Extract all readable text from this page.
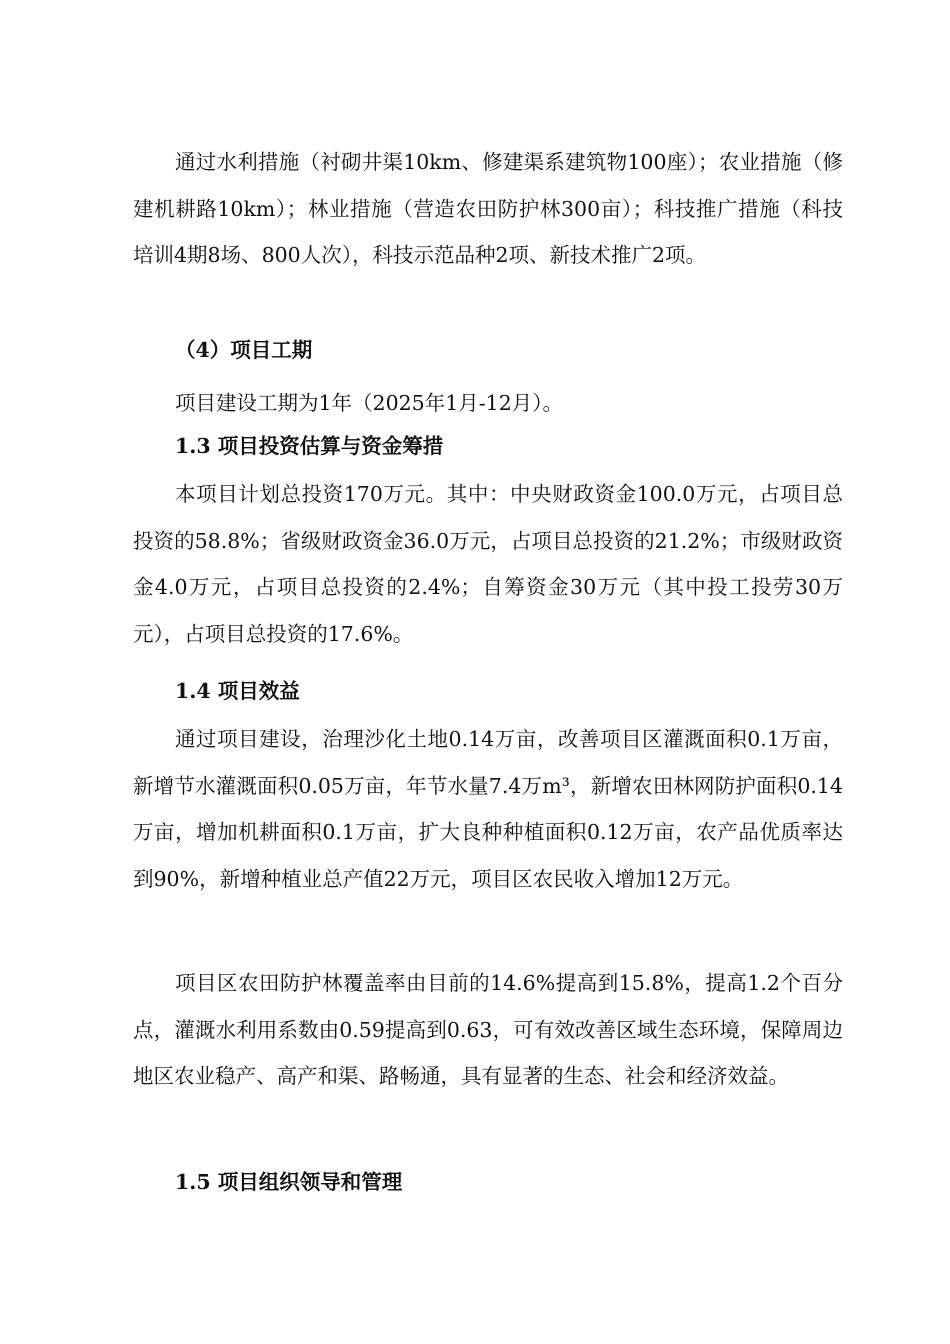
通过水利措施（衬砌井渠10km、修建渠系建筑物100座）；农业措施（修建机耕路10km）；林业措施（营造农田防护林300亩）；科技推广措施（科技培训4期8场、800人次），科技示范品种2项、新技术推广2项。

（4）项目工期

项目建设工期为1年（2025年1月-12月）。

1.3 项目投资估算与资金筹措

本项目计划总投资170万元。其中：中央财政资金100.0万元，占项目总投资的58.8%；省级财政资金36.0万元，占项目总投资的21.2%；市级财政资金4.0万元，占项目总投资的2.4%；自筹资金30万元（其中投工投劳30万元），占项目总投资的17.6%。

1.4 项目效益

通过项目建设，治理沙化土地0.14万亩，改善项目区灌溉面积0.1万亩，新增节水灌溉面积0.05万亩，年节水量7.4万m³，新增农田林网防护面积0.14万亩，增加机耕面积0.1万亩，扩大良种种植面积0.12万亩，农产品优质率达到90%，新增种植业总产值22万元，项目区农民收入增加12万元。

项目区农田防护林覆盖率由目前的14.6%提高到15.8%，提高1.2个百分点，灌溉水利用系数由0.59提高到0.63，可有效改善区域生态环境，保障周边地区农业稳产、高产和渠、路畅通，具有显著的生态、社会和经济效益。

1.5 项目组织领导和管理
